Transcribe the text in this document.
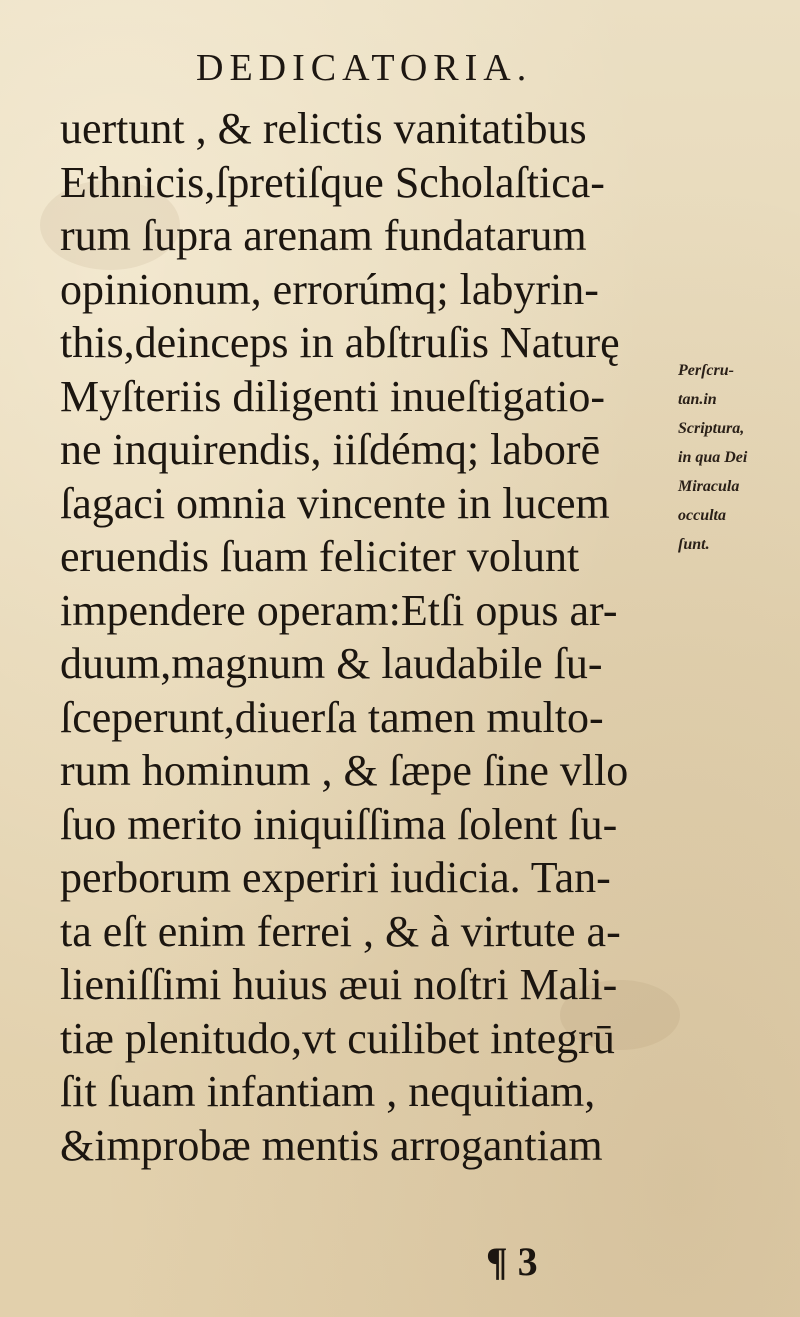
DEDICATORIA.
uertunt , & relictis vanitatibus
Ethnicis,ſpretiſque Scholaſtica-
rum ſupra arenam fundatarum
opinionum, errorúmq; labyrin-
this,deinceps in abſtruſis Naturę
Myſteriis diligenti inueſtigatio-
ne inquirendis, iiſdémq; laborē
ſagaci omnia vincente in lucem
eruendis ſuam feliciter volunt
impendere operam:Etſi opus ar-
duum,magnum & laudabile ſu-
ſceperunt,diuerſa tamen multo-
rum hominum , & ſæpe ſine vllo
ſuo merito iniquiſſima ſolent ſu-
perborum experiri iudicia. Tan-
ta eſt enim ferrei , & à virtute a-
lieniſſimi huius æui noſtri Mali-
tiæ plenitudo,vt cuilibet integrū
ſit ſuam infantiam , nequitiam,
&improbæ mentis arrogantiam
Perſcru-
tan.in
Scriptura,
in qua Dei
Miracula
occulta
ſunt.
¶ 3
